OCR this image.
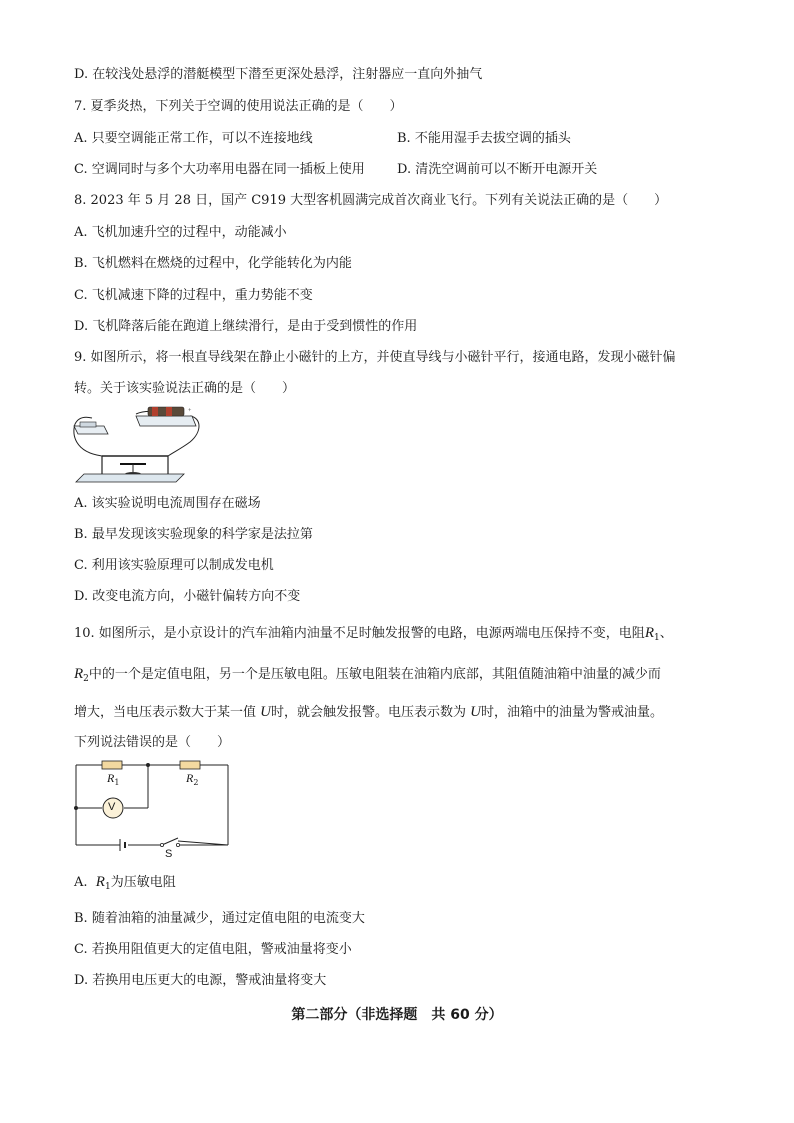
D. 在较浅处悬浮的潜艇模型下潜至更深处悬浮，注射器应一直向外抽气
7. 夏季炎热，下列关于空调的使用说法正确的是（　　）
A. 只要空调能正常工作，可以不连接地线	B. 不能用湿手去拔空调的插头
C. 空调同时与多个大功率用电器在同一插板上使用 D. 清洗空调前可以不断开电源开关
8. 2023 年 5 月 28 日，国产 C919 大型客机圆满完成首次商业飞行。下列有关说法正确的是（　　）
A. 飞机加速升空的过程中，动能减小
B. 飞机燃料在燃烧的过程中，化学能转化为内能
C. 飞机减速下降的过程中，重力势能不变
D. 飞机降落后能在跑道上继续滑行，是由于受到惯性的作用
9. 如图所示，将一根直导线架在静止小磁针的上方，并使直导线与小磁针平行，接通电路，发现小磁针偏
转。关于该实验说法正确的是（　　）
+
A. 该实验说明电流周围存在磁场
B. 最早发现该实验现象的科学家是法拉第
C. 利用该实验原理可以制成发电机
D. 改变电流方向，小磁针偏转方向不变
10. 如图所示，是小京设计的汽车油箱内油量不足时触发报警的电路，电源两端电压保持不变，电阻$R_1$、
$R_2$中的一个是定值电阻，另一个是压敏电阻。压敏电阻装在油箱内底部，其阻值随油箱中油量的减少而
增大，当电压表示数大于某一值 U时，就会触发报警。电压表示数为 U时，油箱中的油量为警戒油量。
下列说法错误的是（　　）
$R_1$	$R_2$
V
S
A.  $R_1$为压敏电阻
B. 随着油箱的油量减少，通过定值电阻的电流变大
C. 若换用阻值更大的定值电阻，警戒油量将变小
D. 若换用电压更大的电源，警戒油量将变大
第二部分（非选择题　共 60 分）
